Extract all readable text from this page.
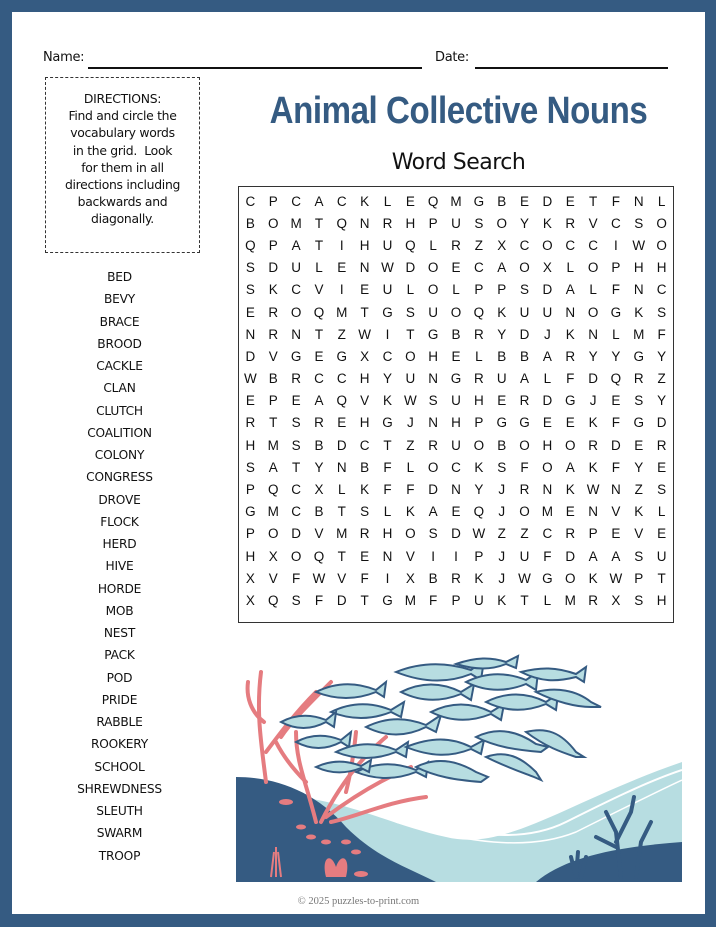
Name:	Date:
DIRECTIONS:
Find and circle the
vocabulary words
in the grid.  Look
for them in all
directions including
backwards and
diagonally.
Animal Collective Nouns
Word Search
C P C A C K	L	E Q M G B	E D E	T	F	N	L
B O M T Q N R H P U S O Y	K R V C S O
Q P	A	T	I	H U Q	L	R	Z	X C O C C	I	W O
S D U	L	E N W D O E C A O X	L	O P H H
S	K C V	I	E U	L	O	L	P	P	S D A	L	F	N C
E R O Q M T G S U O Q K U U N O G K	S
N R N	T	Z W	I	T G B R Y D	J	K N	L M F
D V G E G X C O H E	L	B	B	A R Y	Y G Y
W B R C C H Y U N G R U A	L	F	D Q R	Z
E	P	E	A Q V	K W S U H E R D G	J	E	S	Y
R	T	S R E H G	J	N H P G G E	E	K	F G D
H M S	B D C	T	Z	R U O B O H O R D E R
S	A	T	Y N B	F	L	O C K	S	F O A	K	F	Y	E
P Q C X	L	K	F	F	D N Y	J	R N K W N	Z	S
G M C B	T	S	L	K	A	E Q	J	O M E N V	K	L
P O D V M R H O S D W Z	Z	C R P	E	V	E
H X O Q T	E N V	I	I	P	J	U	F	D A	A	S U
X	V	F W V	F	I	X	B R K	J W G O K W P	T
X Q S	F	D	T G M F	P U K	T	L M R X	S H
BED
BEVY
BRACE
BROOD
CACKLE
CLAN
CLUTCH
COALITION
COLONY
CONGRESS
DROVE
FLOCK
HERD
HIVE
HORDE
MOB
NEST
PACK
POD
PRIDE
RABBLE
ROOKERY
SCHOOL
SHREWDNESS
SLEUTH
SWARM
TROOP
© 2025 puzzles-to-print.com
